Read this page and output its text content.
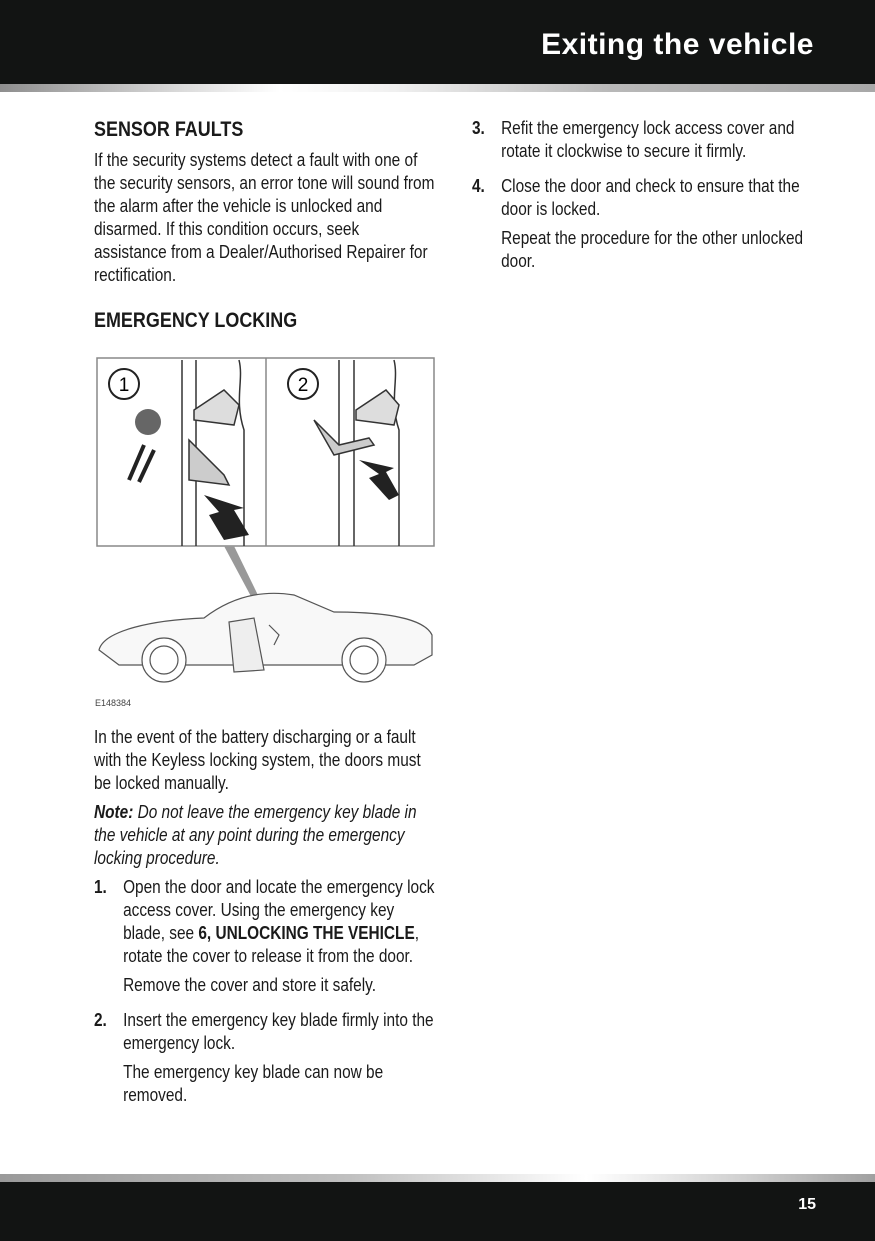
Exiting the vehicle
SENSOR FAULTS

If the security systems detect a fault with one of the security sensors, an error tone will sound from the alarm after the vehicle is unlocked and disarmed. If this condition occurs, seek assistance from a Dealer/Authorised Repairer for rectification.

EMERGENCY LOCKING

In the event of the battery discharging or a fault with the Keyless locking system, the doors must be locked manually.

Note: Do not leave the emergency key blade in the vehicle at any point during the emergency locking procedure.

1. Open the door and locate the emergency lock access cover. Using the emergency key blade, see 6, UNLOCKING THE VEHICLE, rotate the cover to release it from the door.

Remove the cover and store it safely.

2. Insert the emergency key blade firmly into the emergency lock.

The emergency key blade can now be removed.

3. Refit the emergency lock access cover and rotate it clockwise to secure it firmly.

4. Close the door and check to ensure that the door is locked.

Repeat the procedure for the other unlocked door.

1	2
E148384
15
